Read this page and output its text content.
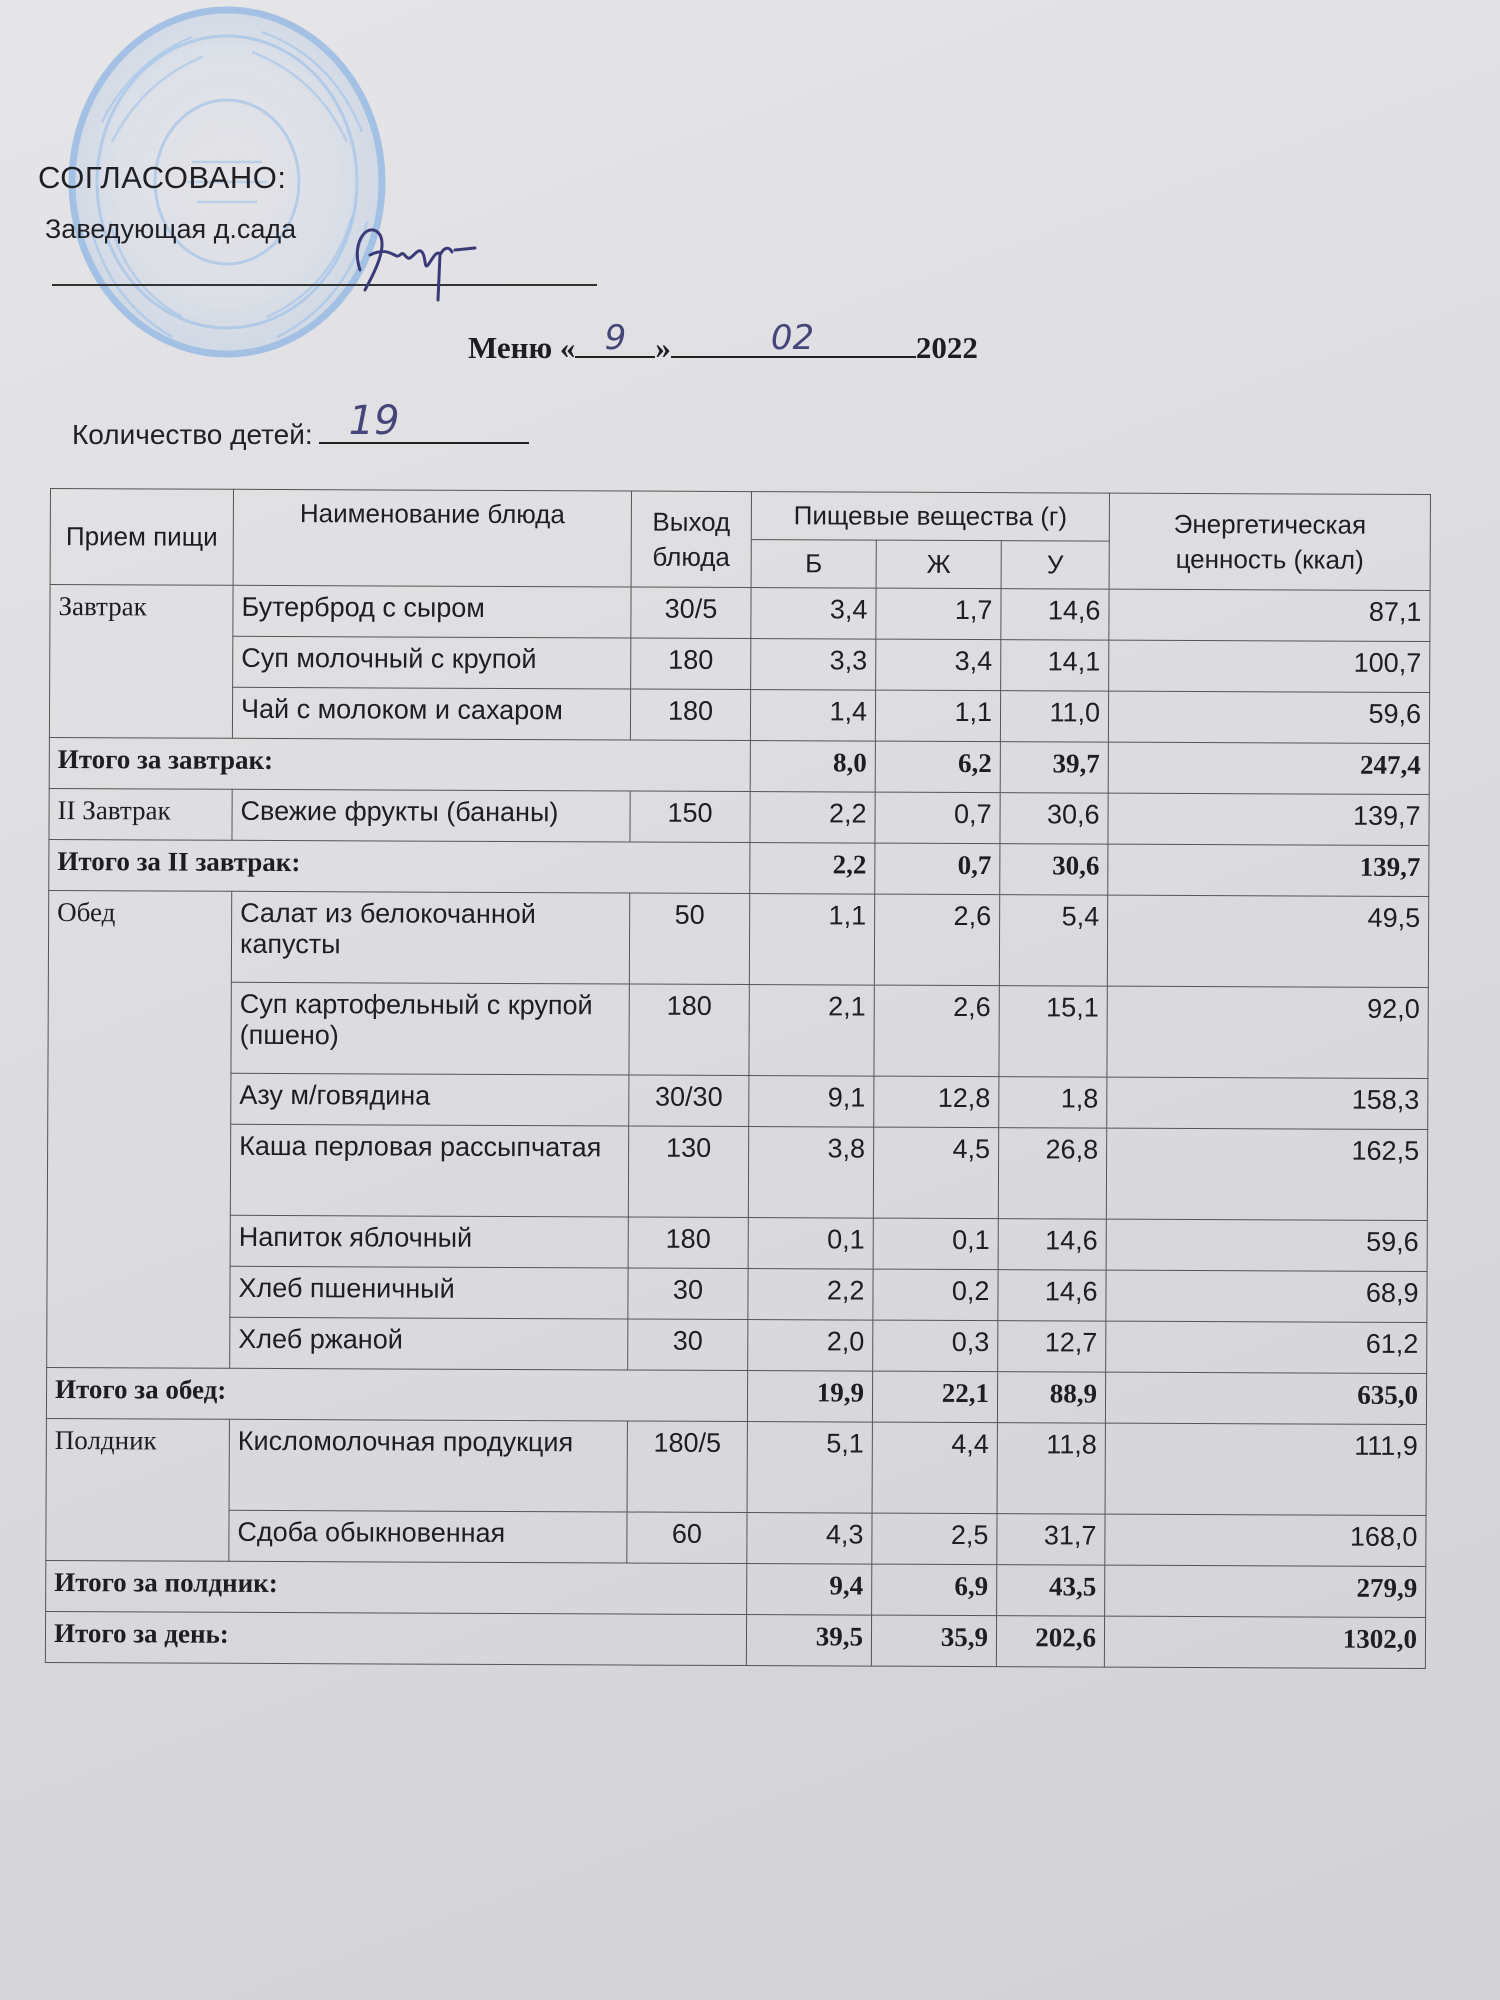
СОГЛАСОВАНО:
Заведующая д.сада
Меню « 9 »	02	2022
Количество детей: 19
Прием пищи	Наименование блюда	Выход блюда	Пищевые вещества (г)			Энергетическая ценность (ккал)
			Б	Ж	У	
Завтрак	Бутерброд с сыром	30/5	3,4	1,7	14,6	87,1
	Суп молочный с крупой	180	3,3	3,4	14,1	100,7
	Чай с молоком и сахаром	180	1,4	1,1	11,0	59,6
Итого за завтрак:			8,0	6,2	39,7	247,4
II Завтрак	Свежие фрукты (бананы)	150	2,2	0,7	30,6	139,7
Итого за II завтрак:			2,2	0,7	30,6	139,7
Обед	Салат из белокочанной капусты	50	1,1	2,6	5,4	49,5
	Суп картофельный с крупой (пшено)	180	2,1	2,6	15,1	92,0
	Азу м/говядина	30/30	9,1	12,8	1,8	158,3
	Каша перловая рассыпчатая	130	3,8	4,5	26,8	162,5
	Напиток яблочный	180	0,1	0,1	14,6	59,6
	Хлеб пшеничный	30	2,2	0,2	14,6	68,9
	Хлеб ржаной	30	2,0	0,3	12,7	61,2
Итого за обед:			19,9	22,1	88,9	635,0
Полдник	Кисломолочная продукция	180/5	5,1	4,4	11,8	111,9
	Сдоба обыкновенная	60	4,3	2,5	31,7	168,0
Итого за полдник:			9,4	6,9	43,5	279,9
Итого за день:			39,5	35,9	202,6	1302,0
